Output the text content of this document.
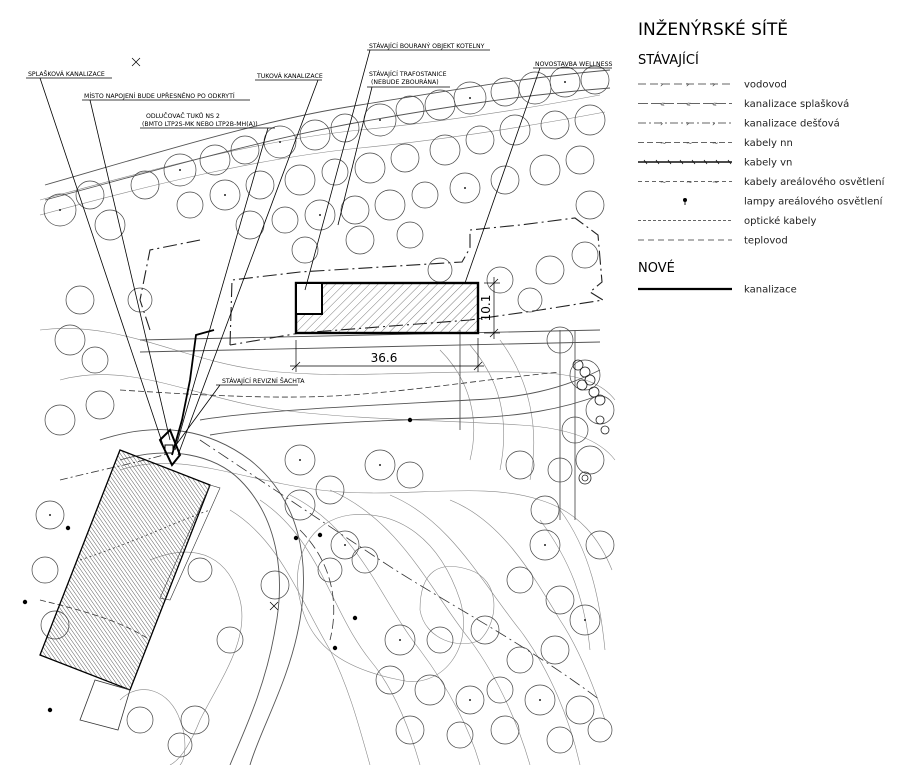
36.6
10.1
SPLAŠKOVÁ KANALIZACE
MÍSTO NAPOJENÍ BUDE UPŘESNĚNO PO ODKRYTÍ
ODLUČOVAČ TUKŮ NS 2
(BMTO LTP2S-MK NEBO LTP2B-MH(A))
TUKOVÁ KANALIZACE
STÁVAJÍCÍ BOURANÝ OBJEKT KOTELNY
STÁVAJÍCÍ TRAFOSTANICE
(NEBUDE ZBOURÁNA)
NOVOSTAVBA WELLNESS
STÁVAJÍCÍ REVIZNÍ ŠACHTA
INŽENÝRSKÉ SÍTĚ
STÁVAJÍCÍ
›	›	›	vodovod
«	«	«	kanalizace splašková
›	›	›	kanalizace dešťová
~ ~ ~	kabely nn
kabely vn
~ ~ ~	kabely areálového osvětlení
lampy areálového osvětlení
optické kabely
teplovod
NOVÉ
kanalizace
